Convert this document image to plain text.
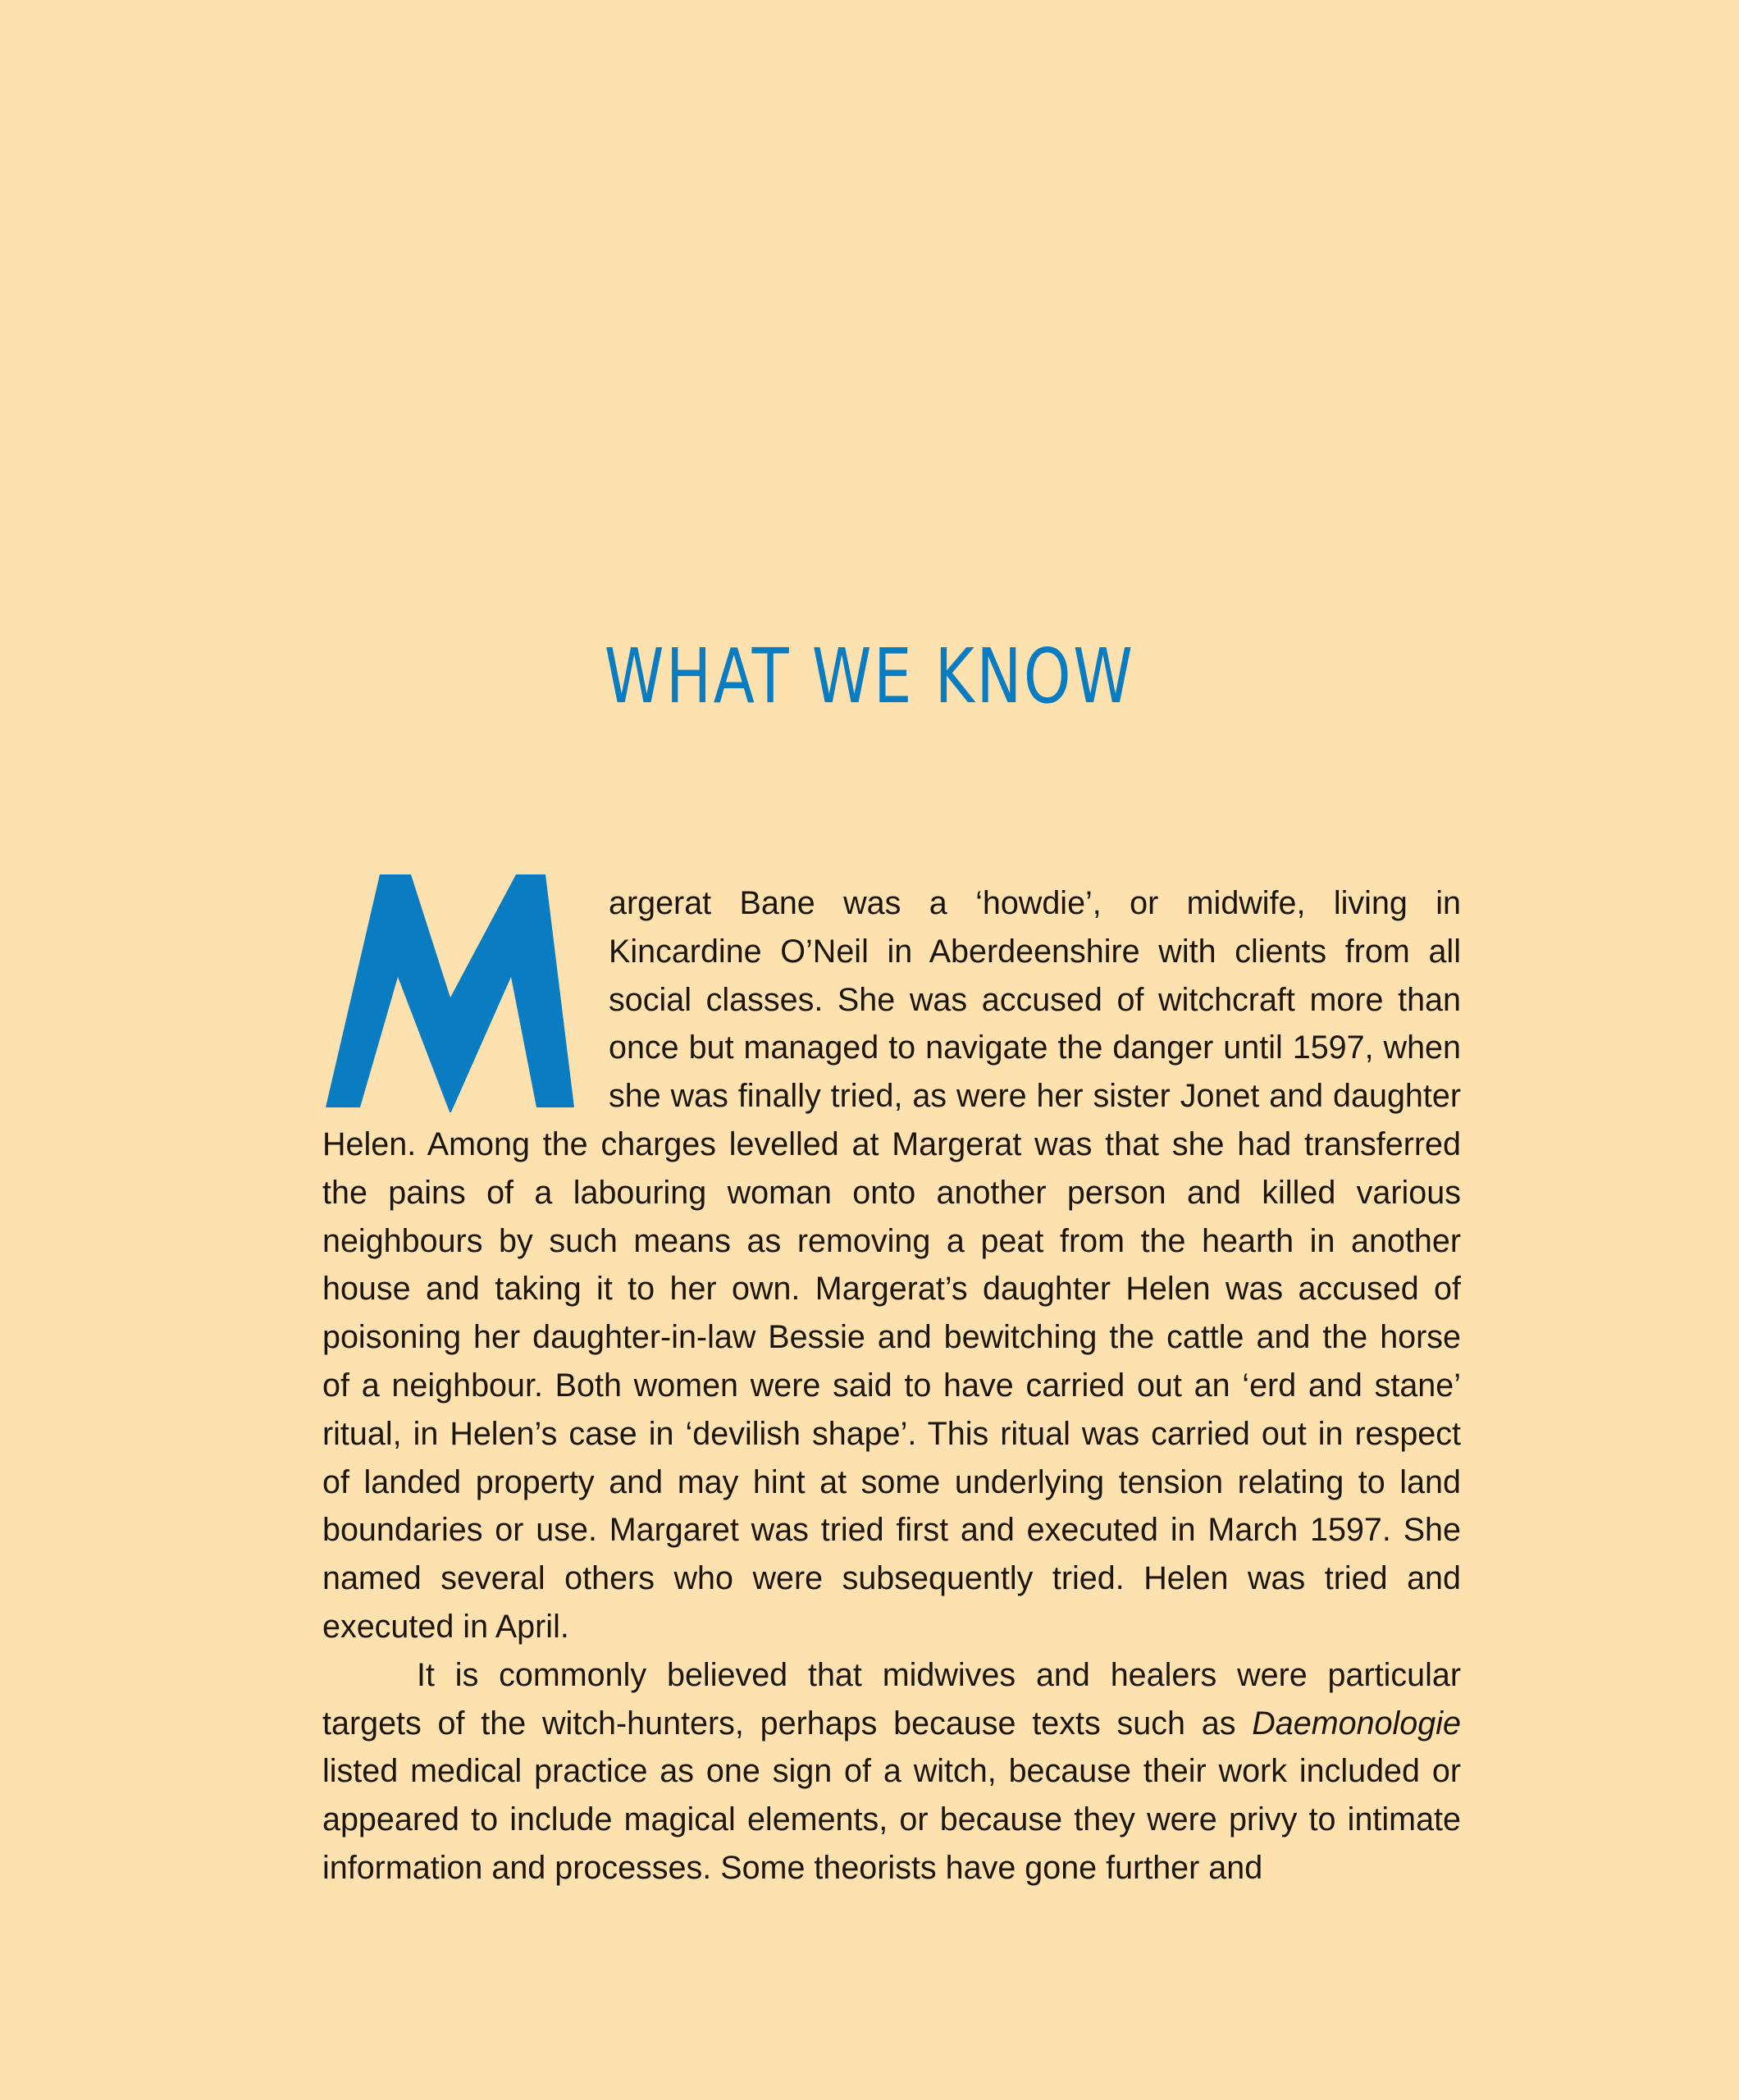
WHAT WE KNOW

argerat Bane was a ‘howdie’, or midwife, living in Kincardine O’Neil in Aberdeenshire with clients from all social classes. She was accused of witchcraft more than once but managed to navigate the danger until 1597, when she was finally tried, as were her sister Jonet and daughter Helen. Among the charges levelled at Margerat was that she had transferred the pains of a labouring woman onto another person and killed various neighbours by such means as removing a peat from the hearth in another house and taking it to her own. Margerat’s daughter Helen was accused of poisoning her daughter-in-law Bessie and bewitching the cattle and the horse of a neighbour. Both women were said to have carried out an ‘erd and stane’ ritual, in Helen’s case in ‘devilish shape’. This ritual was carried out in respect of landed property and may hint at some underlying tension relating to land boundaries or use. Margaret was tried first and executed in March 1597. She named several others who were subsequently tried. Helen was tried and executed in April.

It is commonly believed that midwives and healers were particular targets of the witch-hunters, perhaps because texts such as Daemonologie listed medical practice as one sign of a witch, because their work included or appeared to include magical elements, or because they were privy to intimate information and processes. Some theorists have gone further and
